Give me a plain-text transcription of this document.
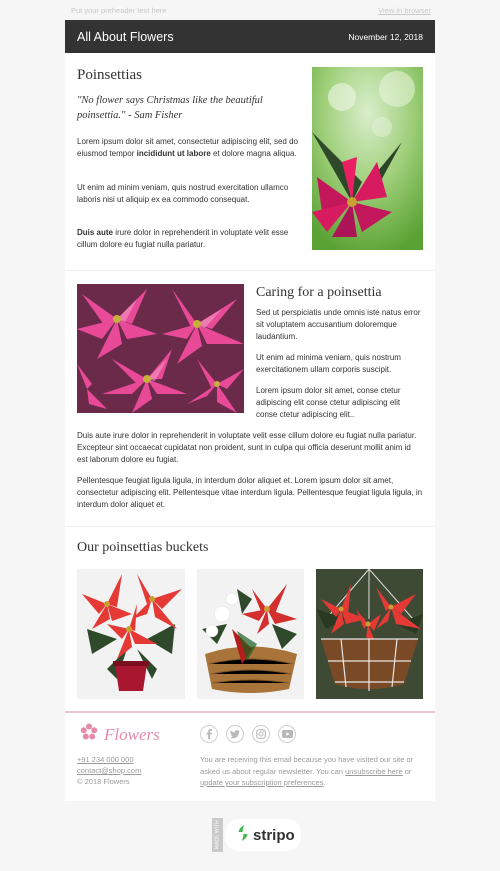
Put your preheader text here	View in browser
All About Flowers	November 12, 2018
Poinsettias
"No flower says Christmas like the beautiful poinsettia." - Sam Fisher
Lorem ipsum dolor sit amet, consectetur adipiscing elit, sed do eiusmod tempor incididunt ut labore et dolore magna aliqua.
Ut enim ad minim veniam, quis nostrud exercitation ullamco laboris nisi ut aliquip ex ea commodo consequat.
Duis aute irure dolor in reprehenderit in voluptate velit esse cillum dolore eu fugiat nulla pariatur.
Caring for a poinsettia
Sed ut perspiciatis unde omnis iste natus error sit voluptatem accusantium doloremque laudantium.
Ut enim ad minima veniam, quis nostrum exercitationem ullam corporis suscipit.
Lorem ipsum dolor sit amet, conse ctetur adipiscing elit conse ctetur adipiscing elit conse ctetur adipiscing elit..
Duis aute irure dolor in reprehenderit in voluptate velit esse cillum dolore eu fugiat nulla pariatur. Excepteur sint occaecat cupidatat non proident, sunt in culpa qui officia deserunt mollit anim id est laborum dolore eu fugiat.
Pellentesque feugiat ligula ligula, in interdum dolor aliquet et. Lorem ipsum dolor sit amet, consectetur adipiscing elit. Pellentesque vitae interdum ligula. Pellentesque feugiat ligula ligula, in interdum dolor aliquet et.
Our poinsettias buckets
Flowers
+91 234 000 000
contact@shop.com
© 2018 Flowers
You are receiving this email because you have visited our site or asked us about regular newsletter. You can unsubscribe here or update your subscription preferences.
MADE WITH stripo
